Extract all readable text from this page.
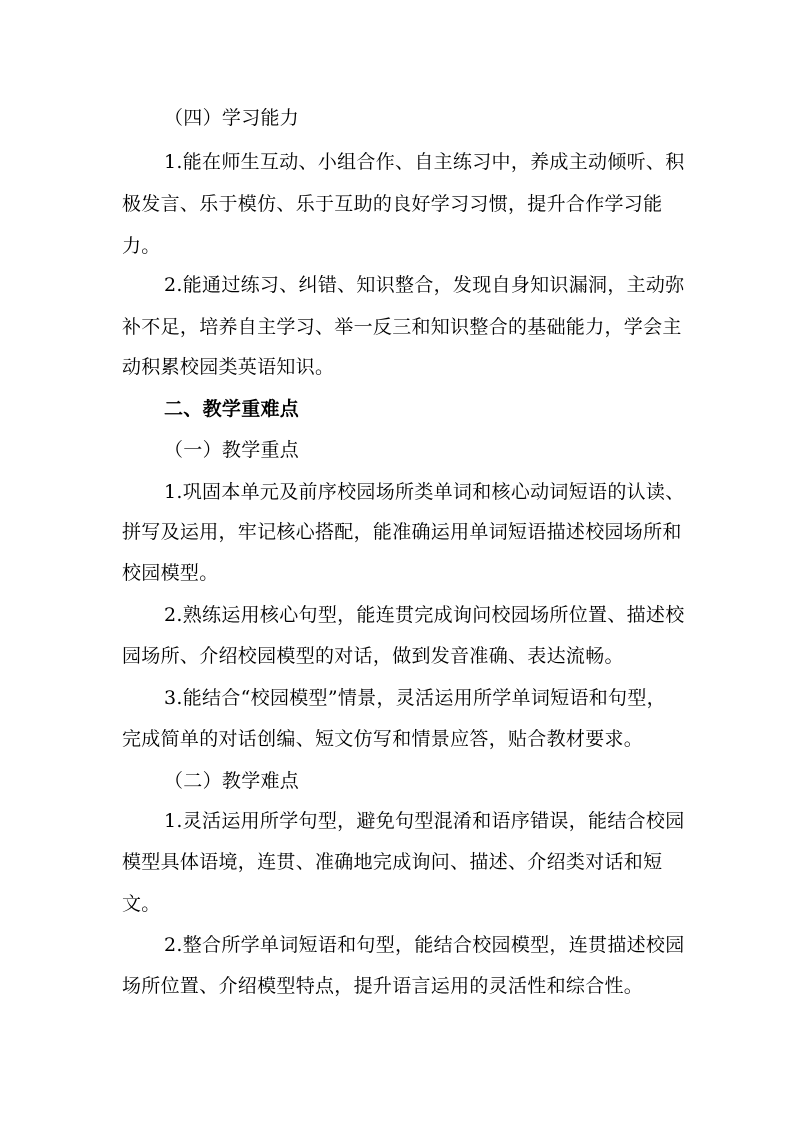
（四）学习能力
1.能在师生互动、小组合作、自主练习中，养成主动倾听、积
极发言、乐于模仿、乐于互助的良好学习习惯，提升合作学习能
力。
2.能通过练习、纠错、知识整合，发现自身知识漏洞，主动弥
补不足，培养自主学习、举一反三和知识整合的基础能力，学会主
动积累校园类英语知识。
二、教学重难点
（一）教学重点
1.巩固本单元及前序校园场所类单词和核心动词短语的认读、
拼写及运用，牢记核心搭配，能准确运用单词短语描述校园场所和
校园模型。
2.熟练运用核心句型，能连贯完成询问校园场所位置、描述校
园场所、介绍校园模型的对话，做到发音准确、表达流畅。
3.能结合“校园模型”情景，灵活运用所学单词短语和句型，
完成简单的对话创编、短文仿写和情景应答，贴合教材要求。
（二）教学难点
1.灵活运用所学句型，避免句型混淆和语序错误，能结合校园
模型具体语境，连贯、准确地完成询问、描述、介绍类对话和短
文。
2.整合所学单词短语和句型，能结合校园模型，连贯描述校园
场所位置、介绍模型特点，提升语言运用的灵活性和综合性。
